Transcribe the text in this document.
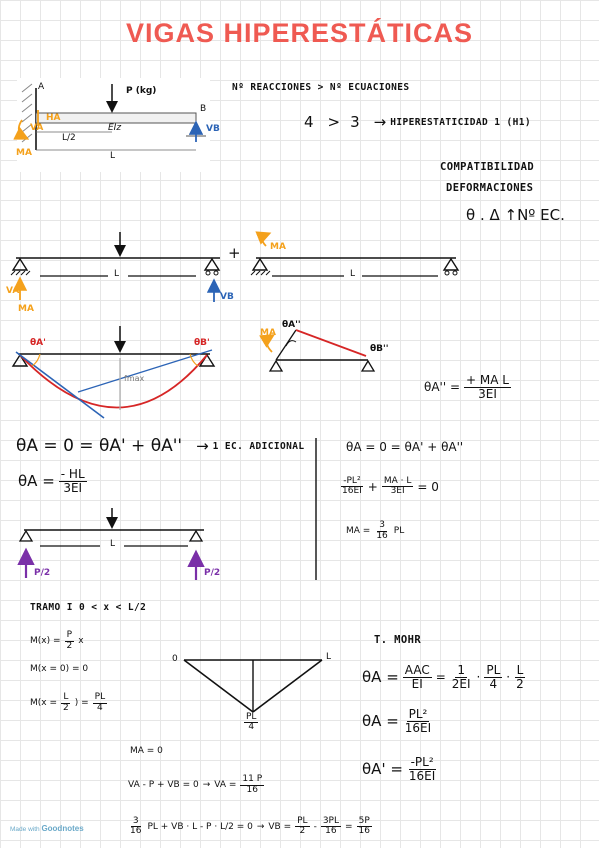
VIGAS HIPERESTÁTICAS
P (kg)
A
B
EIz
L/2
L
HA
VA
MA
VB
Nº REACCIONES > Nº ECUACIONES
4 > 3 → HIPERESTATICIDAD 1 (H1)
COMPATIBILIDAD
DEFORMACIONES
θ . Δ ↑Nº EC.
+
L	L
VA
VB
MA
MA
θA'	θB'
fmax
MA
θA''
θB''
$\theta A'' = \frac{\text{+ MA L}}{3EI}$
θA = 0 = θA' + θA'' → 1 EC. ADICIONAL
$\theta A = \frac{- HL}{3EI}$
θA = 0 = θA' + θA''
$\frac{\text{-PL²}}{16EI} + \frac{MA \cdot L}{3EI} = 0$
MA = $\frac{3}{16}$ PL
L
P/2	P/2
TRAMO I 0 < x < L/2
$M(x) = \frac{P}{2}$ x
M(x = 0) = 0
$M(x = \frac{L}{2}$ ) = $\frac{PL}{4}$
T. MOHR
0	L
$\frac{PL}{4}$
$\theta A = \frac{\text{AAC}}{EI} = \frac{1}{2EI} \cdot \frac{PL}{4} \cdot \frac{L}{2}$
$\theta A = \frac{\text{PL²}}{16EI}$
$\theta A' = \frac{\text{-PL²}}{16EI}$
MA = 0
VA - P + VB = 0 → VA = $\frac{11 P}{16}$
$\frac{3}{16}$ PL + VB · L - P · L/2 = 0 → VB = $\frac{PL}{2} - \frac{3PL}{16} = \frac{5P}{16}$
Made with Goodnotes
